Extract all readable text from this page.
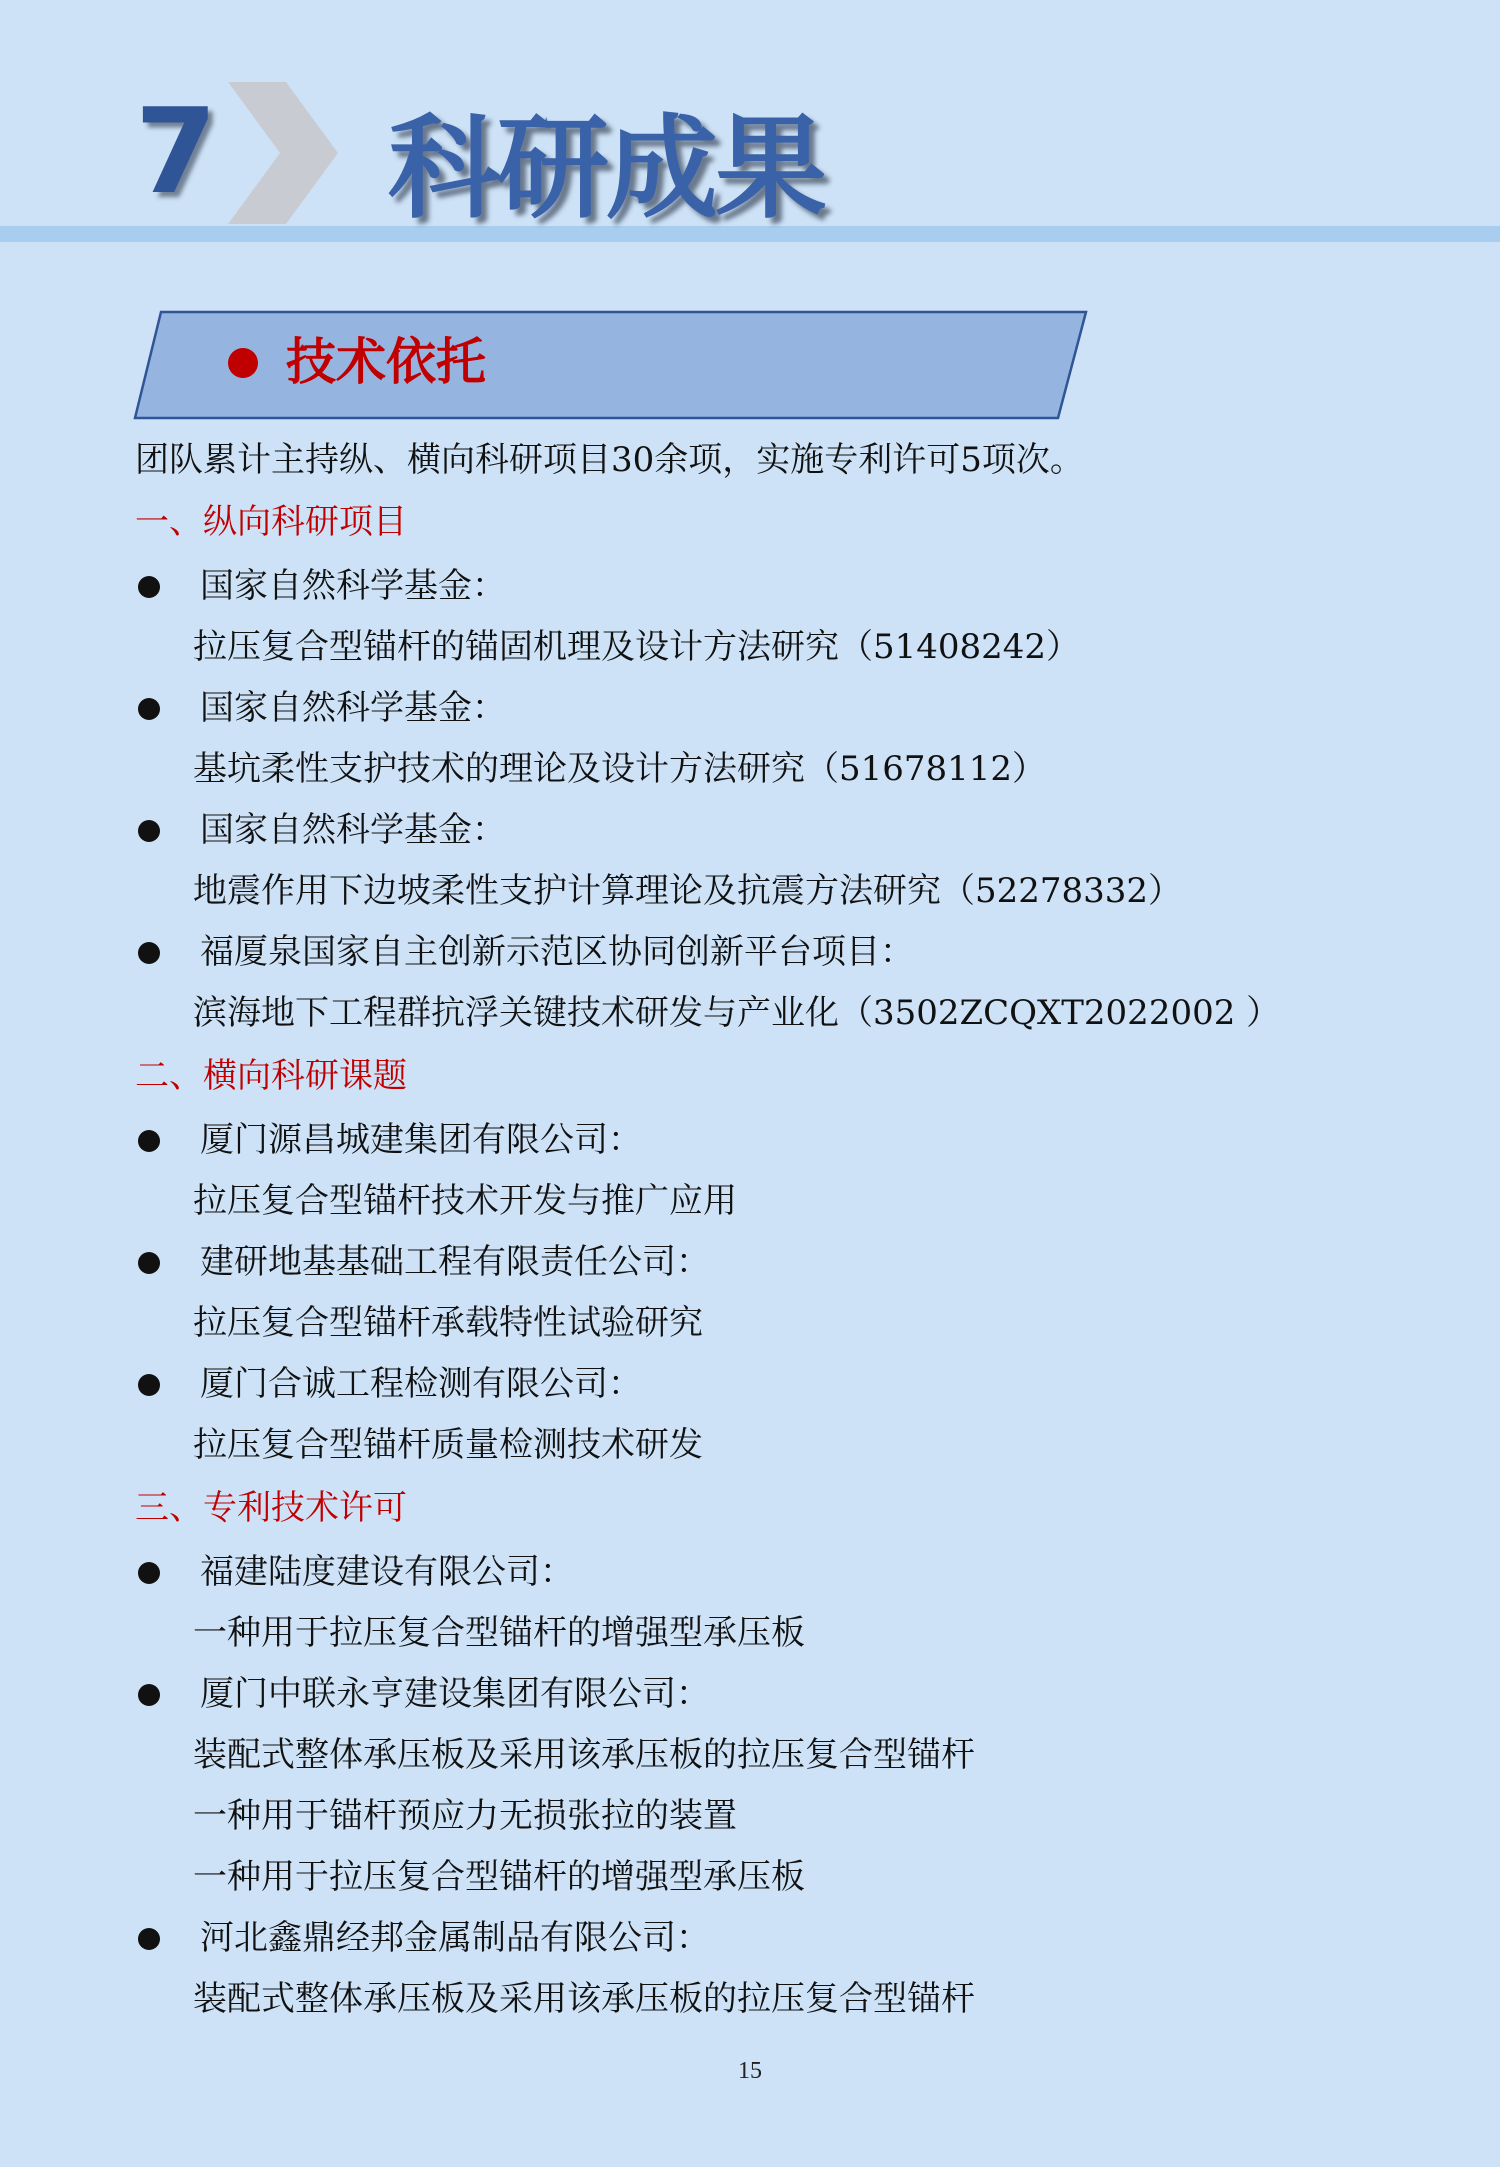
7 科研成果
技术依托
团队累计主持纵、横向科研项目30余项，实施专利许可5项次。
一、纵向科研项目
国家自然科学基金：
拉压复合型锚杆的锚固机理及设计方法研究（51408242）
国家自然科学基金：
基坑柔性支护技术的理论及设计方法研究（51678112）
国家自然科学基金：
地震作用下边坡柔性支护计算理论及抗震方法研究（52278332）
福厦泉国家自主创新示范区协同创新平台项目：
滨海地下工程群抗浮关键技术研发与产业化（3502ZCQXT2022002 ）
二、横向科研课题
厦门源昌城建集团有限公司：
拉压复合型锚杆技术开发与推广应用
建研地基基础工程有限责任公司：
拉压复合型锚杆承载特性试验研究
厦门合诚工程检测有限公司：
拉压复合型锚杆质量检测技术研发
三、专利技术许可
福建陆度建设有限公司：
一种用于拉压复合型锚杆的增强型承压板
厦门中联永亨建设集团有限公司：
装配式整体承压板及采用该承压板的拉压复合型锚杆
一种用于锚杆预应力无损张拉的装置
一种用于拉压复合型锚杆的增强型承压板
河北鑫鼎经邦金属制品有限公司：
装配式整体承压板及采用该承压板的拉压复合型锚杆
15
